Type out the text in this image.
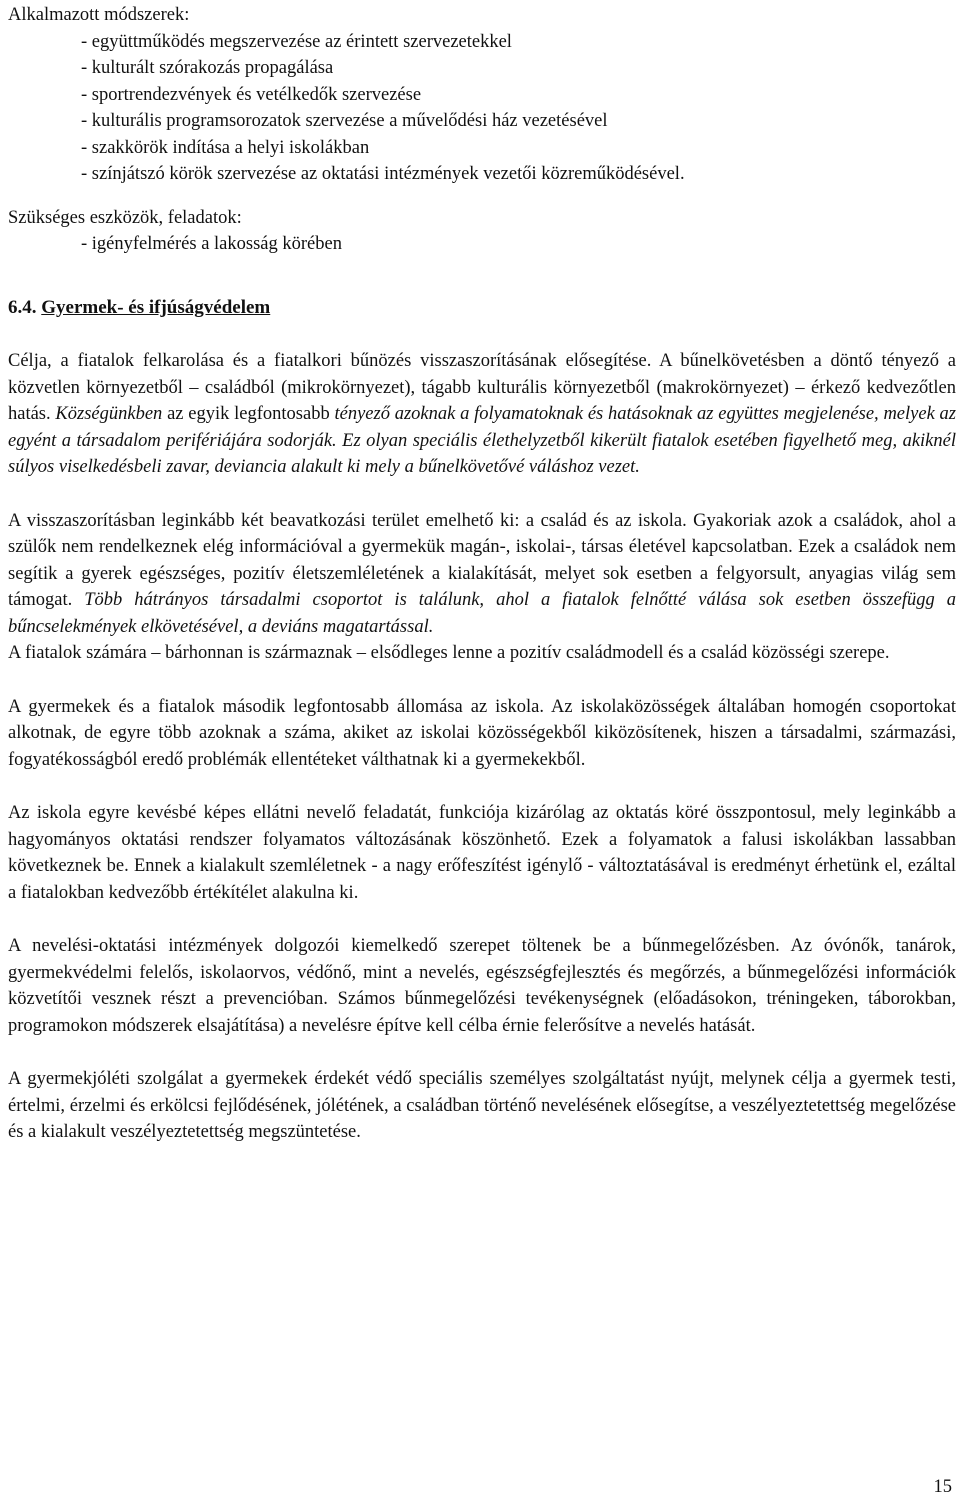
Alkalmazott módszerek:

- együttműködés megszervezése az érintett szervezetekkel
- kulturált szórakozás propagálása
- sportrendezvények és vetélkedők szervezése
- kulturális programsorozatok szervezése a művelődési ház vezetésével
- szakkörök indítása a helyi iskolákban
- színjátszó körök szervezése az oktatási intézmények vezetői közreműködésével.

Szükséges eszközök, feladatok:

- igényfelmérés a lakosság körében

6.4. Gyermek- és ifjúságvédelem

Célja, a fiatalok felkarolása és a fiatalkori bűnözés visszaszorításának elősegítése. A bűnelkövetésben a döntő tényező a közvetlen környezetből – családból (mikrokörnyezet), tágabb kulturális környezetből (makrokörnyezet) – érkező kedvezőtlen hatás. Községünkben az egyik legfontosabb tényező azoknak a folyamatoknak és hatásoknak az együttes megjelenése, melyek az egyént a társadalom perifériájára sodorják. Ez olyan speciális élethelyzetből kikerült fiatalok esetében figyelhető meg, akiknél súlyos viselkedésbeli zavar, deviancia alakult ki mely a bűnelkövetővé váláshoz vezet.

A visszaszorításban leginkább két beavatkozási terület emelhető ki: a család és az iskola. Gyakoriak azok a családok, ahol a szülők nem rendelkeznek elég információval a gyermekük magán-, iskolai-, társas életével kapcsolatban. Ezek a családok nem segítik a gyerek egészséges, pozitív életszemléletének a kialakítását, melyet sok esetben a felgyorsult, anyagias világ sem támogat. Több hátrányos társadalmi csoportot is találunk, ahol a fiatalok felnőtté válása sok esetben összefügg a bűncselekmények elkövetésével, a deviáns magatartással.

A fiatalok számára – bárhonnan is származnak – elsődleges lenne a pozitív családmodell és a család közösségi szerepe.

A gyermekek és a fiatalok második legfontosabb állomása az iskola. Az iskolaközösségek általában homogén csoportokat alkotnak, de egyre több azoknak a száma, akiket az iskolai közösségekből kiközösítenek, hiszen a társadalmi, származási, fogyatékosságból eredő problémák ellentéteket válthatnak ki a gyermekekből.

Az iskola egyre kevésbé képes ellátni nevelő feladatát, funkciója kizárólag az oktatás köré összpontosul, mely leginkább a hagyományos oktatási rendszer folyamatos változásának köszönhető. Ezek a folyamatok a falusi iskolákban lassabban következnek be. Ennek a kialakult szemléletnek - a nagy erőfeszítést igénylő - változtatásával is eredményt érhetünk el, ezáltal a fiatalokban kedvezőbb értékítélet alakulna ki.

A nevelési-oktatási intézmények dolgozói kiemelkedő szerepet töltenek be a bűnmegelőzésben. Az óvónők, tanárok, gyermekvédelmi felelős, iskolaorvos, védőnő, mint a nevelés, egészségfejlesztés és megőrzés, a bűnmegelőzési információk közvetítői vesznek részt a prevencióban. Számos bűnmegelőzési tevékenységnek (előadásokon, tréningeken, táborokban, programokon módszerek elsajátítása) a nevelésre építve kell célba érnie felerősítve a nevelés hatását.

A gyermekjóléti szolgálat a gyermekek érdekét védő speciális személyes szolgáltatást nyújt, melynek célja a gyermek testi, értelmi, érzelmi és erkölcsi fejlődésének, jólétének, a családban történő nevelésének elősegítse, a veszélyeztetettség megelőzése és a kialakult veszélyeztetettség megszüntetése.

15
